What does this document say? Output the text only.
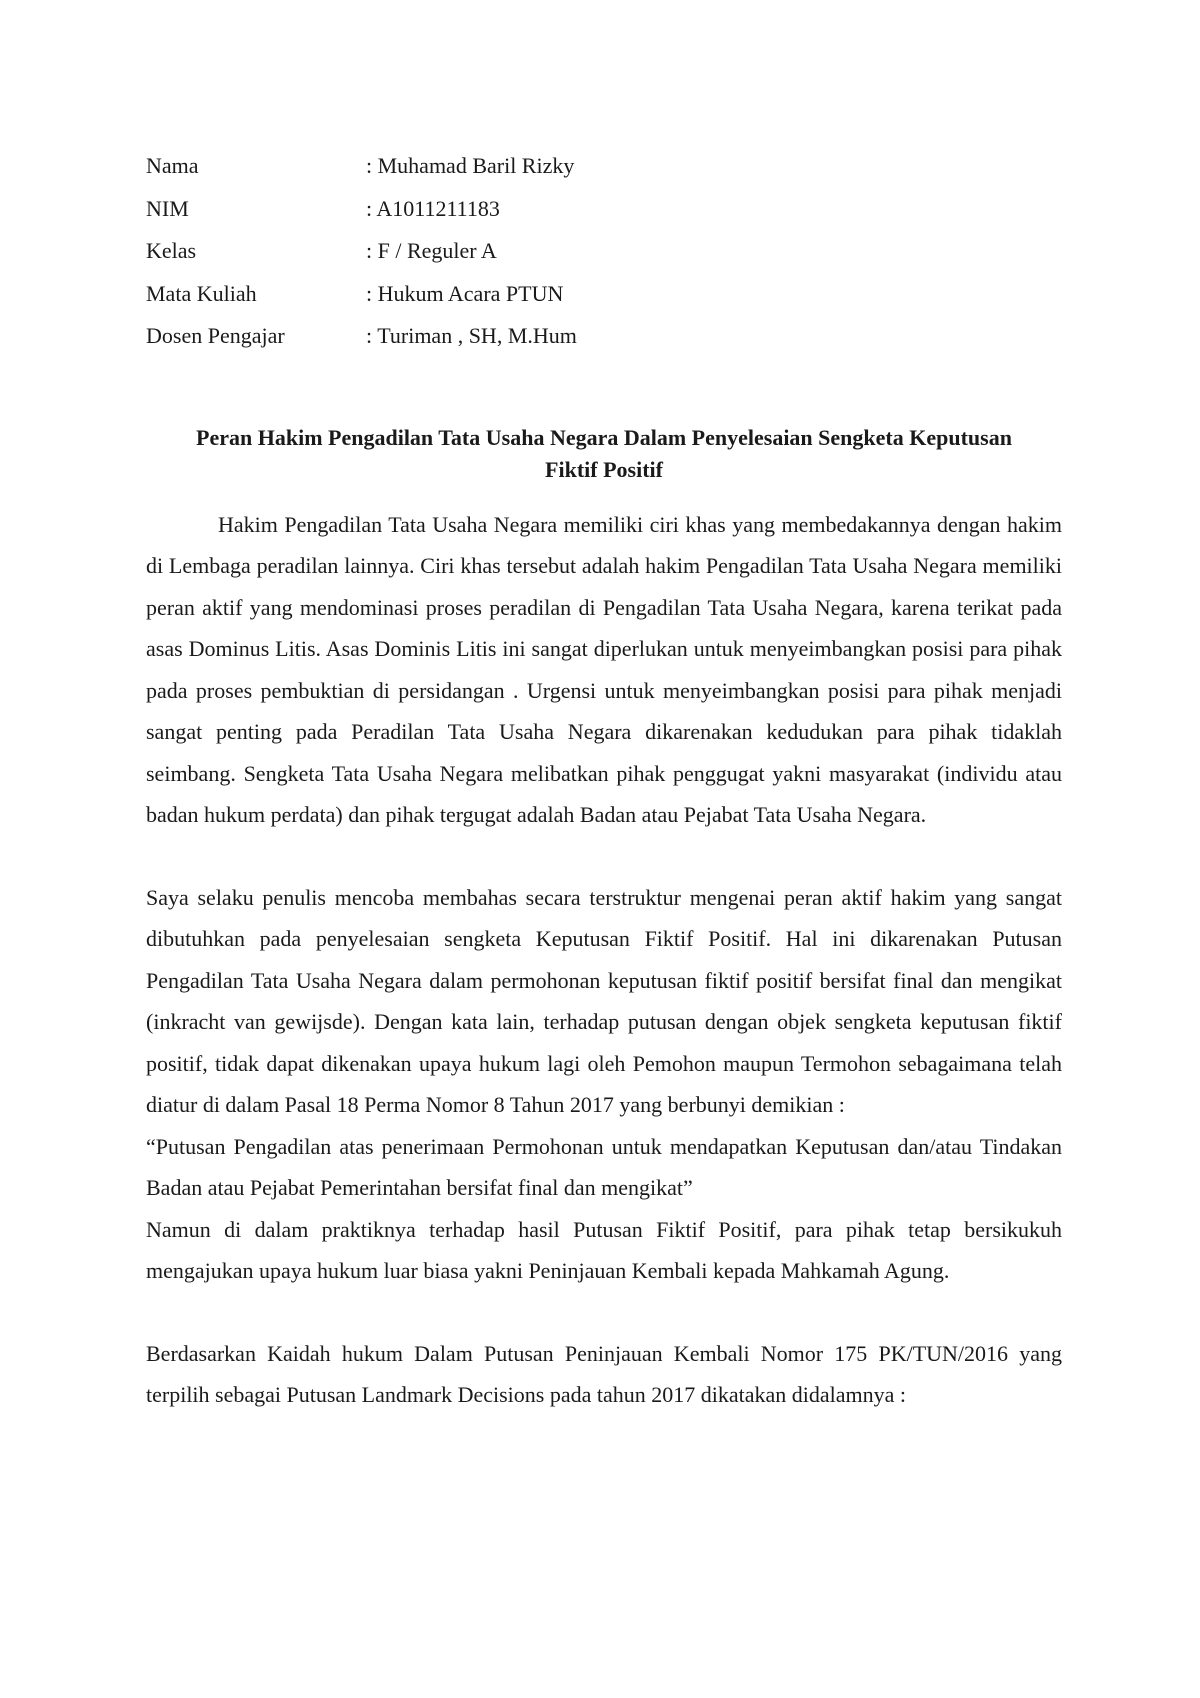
Nama	: Muhamad Baril Rizky
NIM	: A1011211183
Kelas	: F / Reguler A
Mata Kuliah	: Hukum Acara PTUN
Dosen Pengajar	: Turiman , SH, M.Hum
Peran Hakim Pengadilan Tata Usaha Negara Dalam Penyelesaian Sengketa Keputusan
Fiktif Positif

Hakim Pengadilan Tata Usaha Negara memiliki ciri khas yang membedakannya dengan hakim di Lembaga peradilan lainnya. Ciri khas tersebut adalah hakim Pengadilan Tata Usaha Negara memiliki peran aktif yang mendominasi proses peradilan di Pengadilan Tata Usaha Negara, karena terikat pada asas Dominus Litis. Asas Dominis Litis ini sangat diperlukan untuk menyeimbangkan posisi para pihak pada proses pembuktian di persidangan . Urgensi untuk menyeimbangkan posisi para pihak menjadi sangat penting pada Peradilan Tata Usaha Negara dikarenakan kedudukan para pihak tidaklah seimbang. Sengketa Tata Usaha Negara melibatkan pihak penggugat yakni masyarakat (individu atau badan hukum perdata) dan pihak tergugat adalah Badan atau Pejabat Tata Usaha Negara.

Saya selaku penulis mencoba membahas secara terstruktur mengenai peran aktif hakim yang sangat dibutuhkan pada penyelesaian sengketa Keputusan Fiktif Positif. Hal ini dikarenakan Putusan Pengadilan Tata Usaha Negara dalam permohonan keputusan fiktif positif bersifat final dan mengikat (inkracht van gewijsde). Dengan kata lain, terhadap putusan dengan objek sengketa keputusan fiktif positif, tidak dapat dikenakan upaya hukum lagi oleh Pemohon maupun Termohon sebagaimana telah diatur di dalam Pasal 18 Perma Nomor 8 Tahun 2017 yang berbunyi demikian :

“Putusan Pengadilan atas penerimaan Permohonan untuk mendapatkan Keputusan dan/atau Tindakan Badan atau Pejabat Pemerintahan bersifat final dan mengikat”

Namun di dalam praktiknya terhadap hasil Putusan Fiktif Positif, para pihak tetap bersikukuh mengajukan upaya hukum luar biasa yakni Peninjauan Kembali kepada Mahkamah Agung.

Berdasarkan Kaidah hukum Dalam Putusan Peninjauan Kembali Nomor 175 PK/TUN/2016 yang terpilih sebagai Putusan Landmark Decisions pada tahun 2017 dikatakan didalamnya :
